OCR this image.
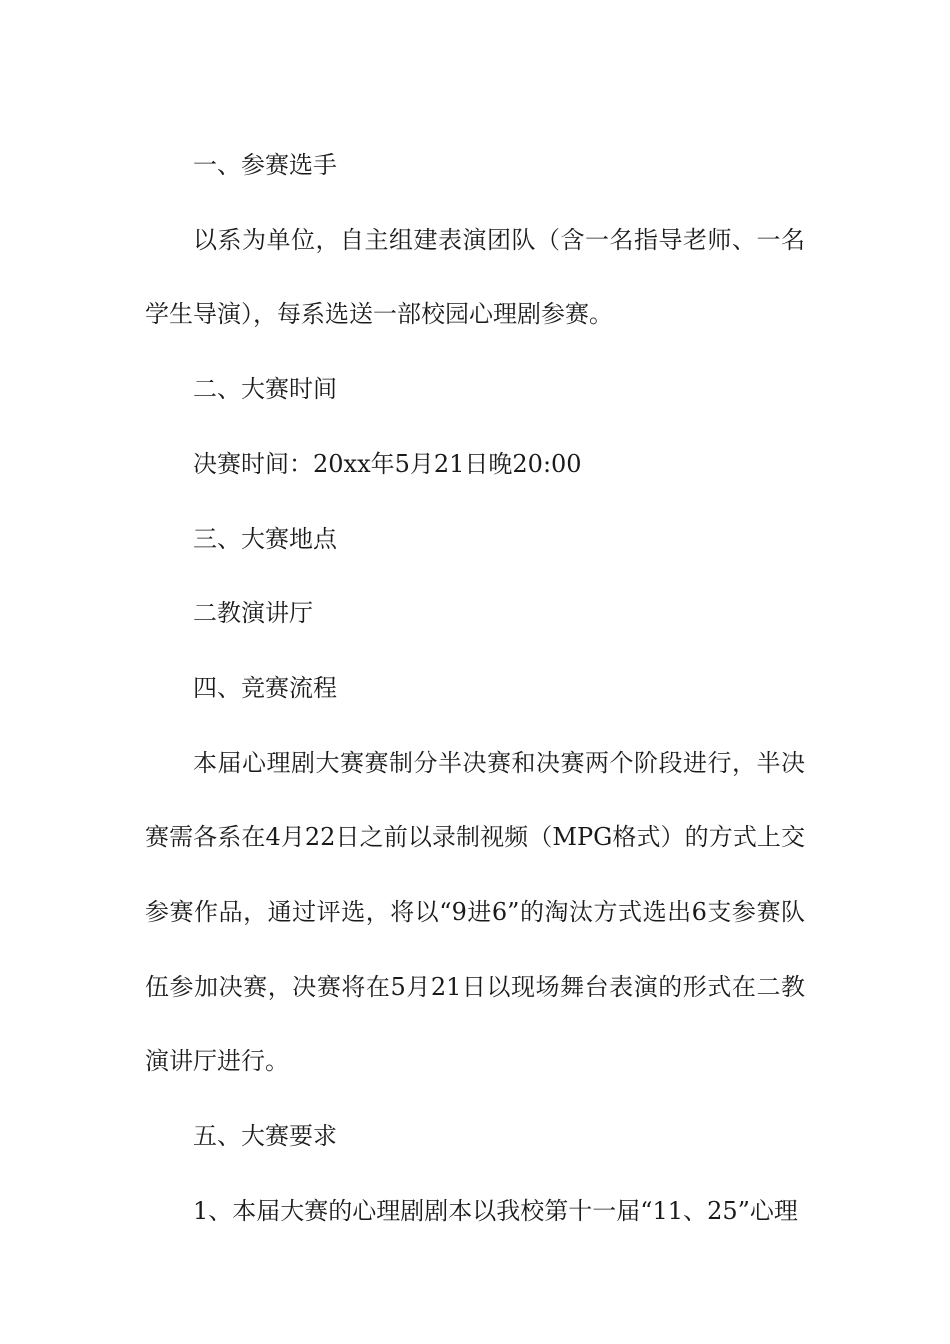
一、参赛选手

以系为单位，自主组建表演团队（含一名指导老师、一名学生导演），每系选送一部校园心理剧参赛。

二、大赛时间

决赛时间：20xx年5月21日晚20:00

三、大赛地点

二教演讲厅

四、竞赛流程

本届心理剧大赛赛制分半决赛和决赛两个阶段进行，半决赛需各系在4月22日之前以录制视频（MPG格式）的方式上交参赛作品，通过评选，将以“9进6”的淘汰方式选出6支参赛队伍参加决赛，决赛将在5月21日以现场舞台表演的形式在二教演讲厅进行。

五、大赛要求

1、本届大赛的心理剧剧本以我校第十一届“11、25”心理
